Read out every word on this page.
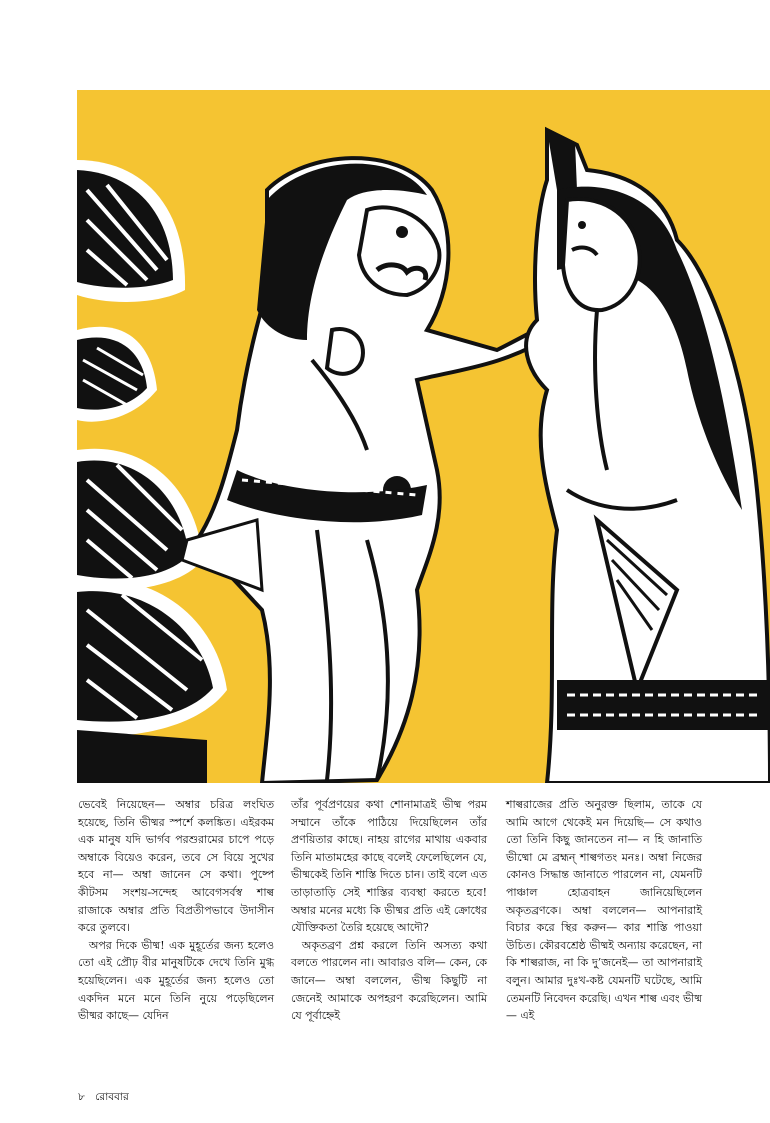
ভেবেই নিয়েছেন— অম্বার চরিত্র লংঘিত হয়েছে, তিনি ভীষ্মর স্পর্শে কলঙ্কিত। এইরকম এক মানুষ যদি ভার্গব পরশুরামের চাপে পড়ে অম্বাকে বিয়েও করেন, তবে সে বিয়ে সুখের হবে না— অম্বা জানেন সে কথা। পুষ্পে কীটসম সংশয়-সন্দেহ আবেগসর্বস্ব শাল্ব রাজাকে অম্বার প্রতি বিপ্রতীপভাবে উদাসীন করে তুলবে।

অপর দিকে ভীষ্ম! এক মুহূর্তের জন্য হলেও তো এই প্রৌঢ় বীর মানুষটিকে দেখে তিনি মুগ্ধ হয়েছিলেন। এক মুহূর্তের জন্য হলেও তো একদিন মনে মনে তিনি নুয়ে পড়েছিলেন ভীষ্মর কাছে— যেদিন

তাঁর পূর্বপ্রণয়ের কথা শোনামাত্রই ভীষ্ম পরম সম্মানে তাঁকে পাঠিয়ে দিয়েছিলেন তাঁর প্রণয়িতার কাছে। নাহয় রাগের মাথায় একবার তিনি মাতামহের কাছে বলেই ফেলেছিলেন যে, ভীষ্মকেই তিনি শাস্তি দিতে চান। তাই বলে এত তাড়াতাড়ি সেই শাস্তির ব্যবস্থা করতে হবে! অম্বার মনের মধ্যে কি ভীষ্মর প্রতি এই ক্রোধের যৌক্তিকতা তৈরি হয়েছে আদৌ?

অকৃতব্রণ প্রশ্ন করলে তিনি অসত্য কথা বলতে পারলেন না। আবারও বলি— কেন, কে জানে— অম্বা বললেন, ভীষ্ম কিছুটি না জেনেই আমাকে অপহরণ করেছিলেন। আমি যে পূর্বাহ্নেই

শাল্বরাজের প্রতি অনুরক্ত ছিলাম, তাকে যে আমি আগে থেকেই মন দিয়েছি— সে কথাও তো তিনি কিছু জানতেন না— ন হি জানাতি ভীষ্মো মে ব্রহ্মন্ শাল্বগতং মনঃ। অম্বা নিজের কোনও সিদ্ধান্ত জানাতে পারলেন না, যেমনটি পাঞ্চাল হোত্রবাহন জানিয়েছিলেন অকৃতব্রণকে। অম্বা বললেন— আপনারাই বিচার করে স্থির করুন— কার শাস্তি পাওয়া উচিত। কৌরবশ্রেষ্ঠ ভীষ্মই অন্যায় করেছেন, না কি শাল্বরাজ, না কি দু’জনেই— তা আপনারাই বলুন। আমার দুঃখ-কষ্ট যেমনটি ঘটেছে, আমি তেমনটি নিবেদন করেছি। এখন শাল্ব এবং ভীষ্ম— এই

৮ রোববার
